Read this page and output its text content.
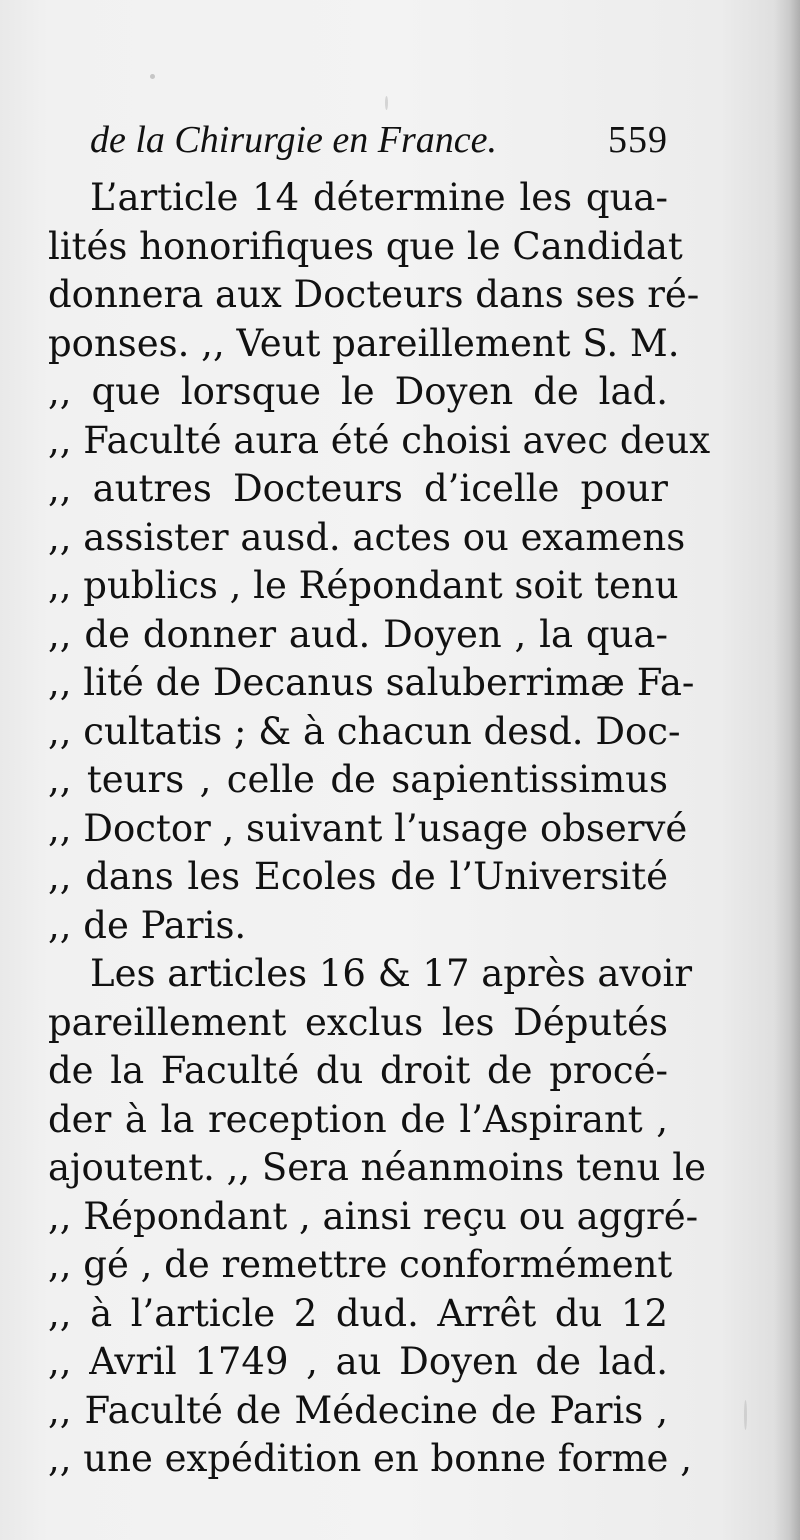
de la Chirurgie en France.	559
L’article 14 détermine les qua-
lités honorifiques que le Candidat
donnera aux Docteurs dans ses ré-
ponses. ,, Veut pareillement S. M.
,, que lorsque le Doyen de lad.
,, Faculté aura été choisi avec deux
,, autres Docteurs d’icelle pour
,, assister ausd. actes ou examens
,, publics , le Répondant soit tenu
,, de donner aud. Doyen , la qua-
,, lité de Decanus saluberrimæ Fa-
,, cultatis ; & à chacun desd. Doc-
,, teurs , celle de sapientissimus
,, Doctor , suivant l’usage observé
,, dans les Ecoles de l’Université
,, de Paris.
Les articles 16 & 17 après avoir
pareillement exclus les Députés
de la Faculté du droit de procé-
der à la reception de l’Aspirant ,
ajoutent. ,, Sera néanmoins tenu le
,, Répondant , ainsi reçu ou aggré-
,, gé , de remettre conformément
,, à l’article 2 dud. Arrêt du 12
,, Avril 1749 , au Doyen de lad.
,, Faculté de Médecine de Paris ,
,, une expédition en bonne forme ,
